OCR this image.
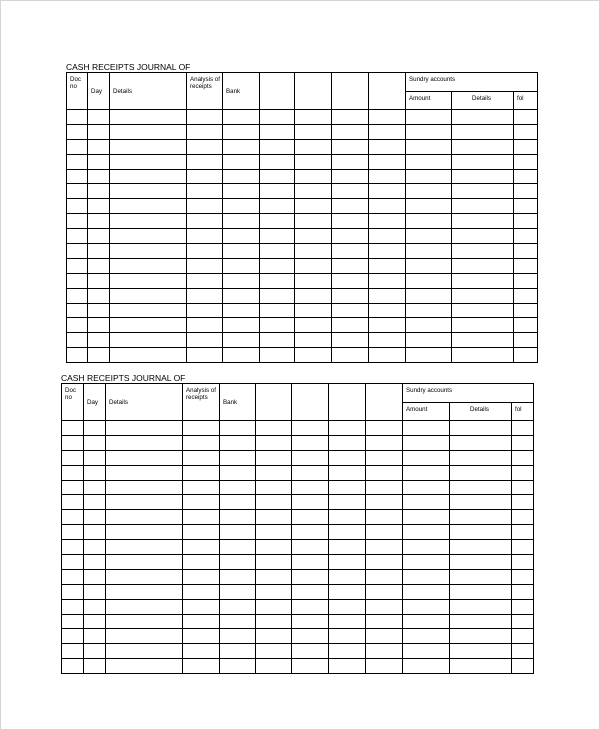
CASH RECEIPTS JOURNAL OF

Doc no	Day	Details	Analysis of receipts	Bank					Sundry accounts		
									Amount	Details	fol

CASH RECEIPTS JOURNAL OF

Doc no	Day	Details	Analysis of receipts	Bank					Sundry accounts		
									Amount	Details	fol
